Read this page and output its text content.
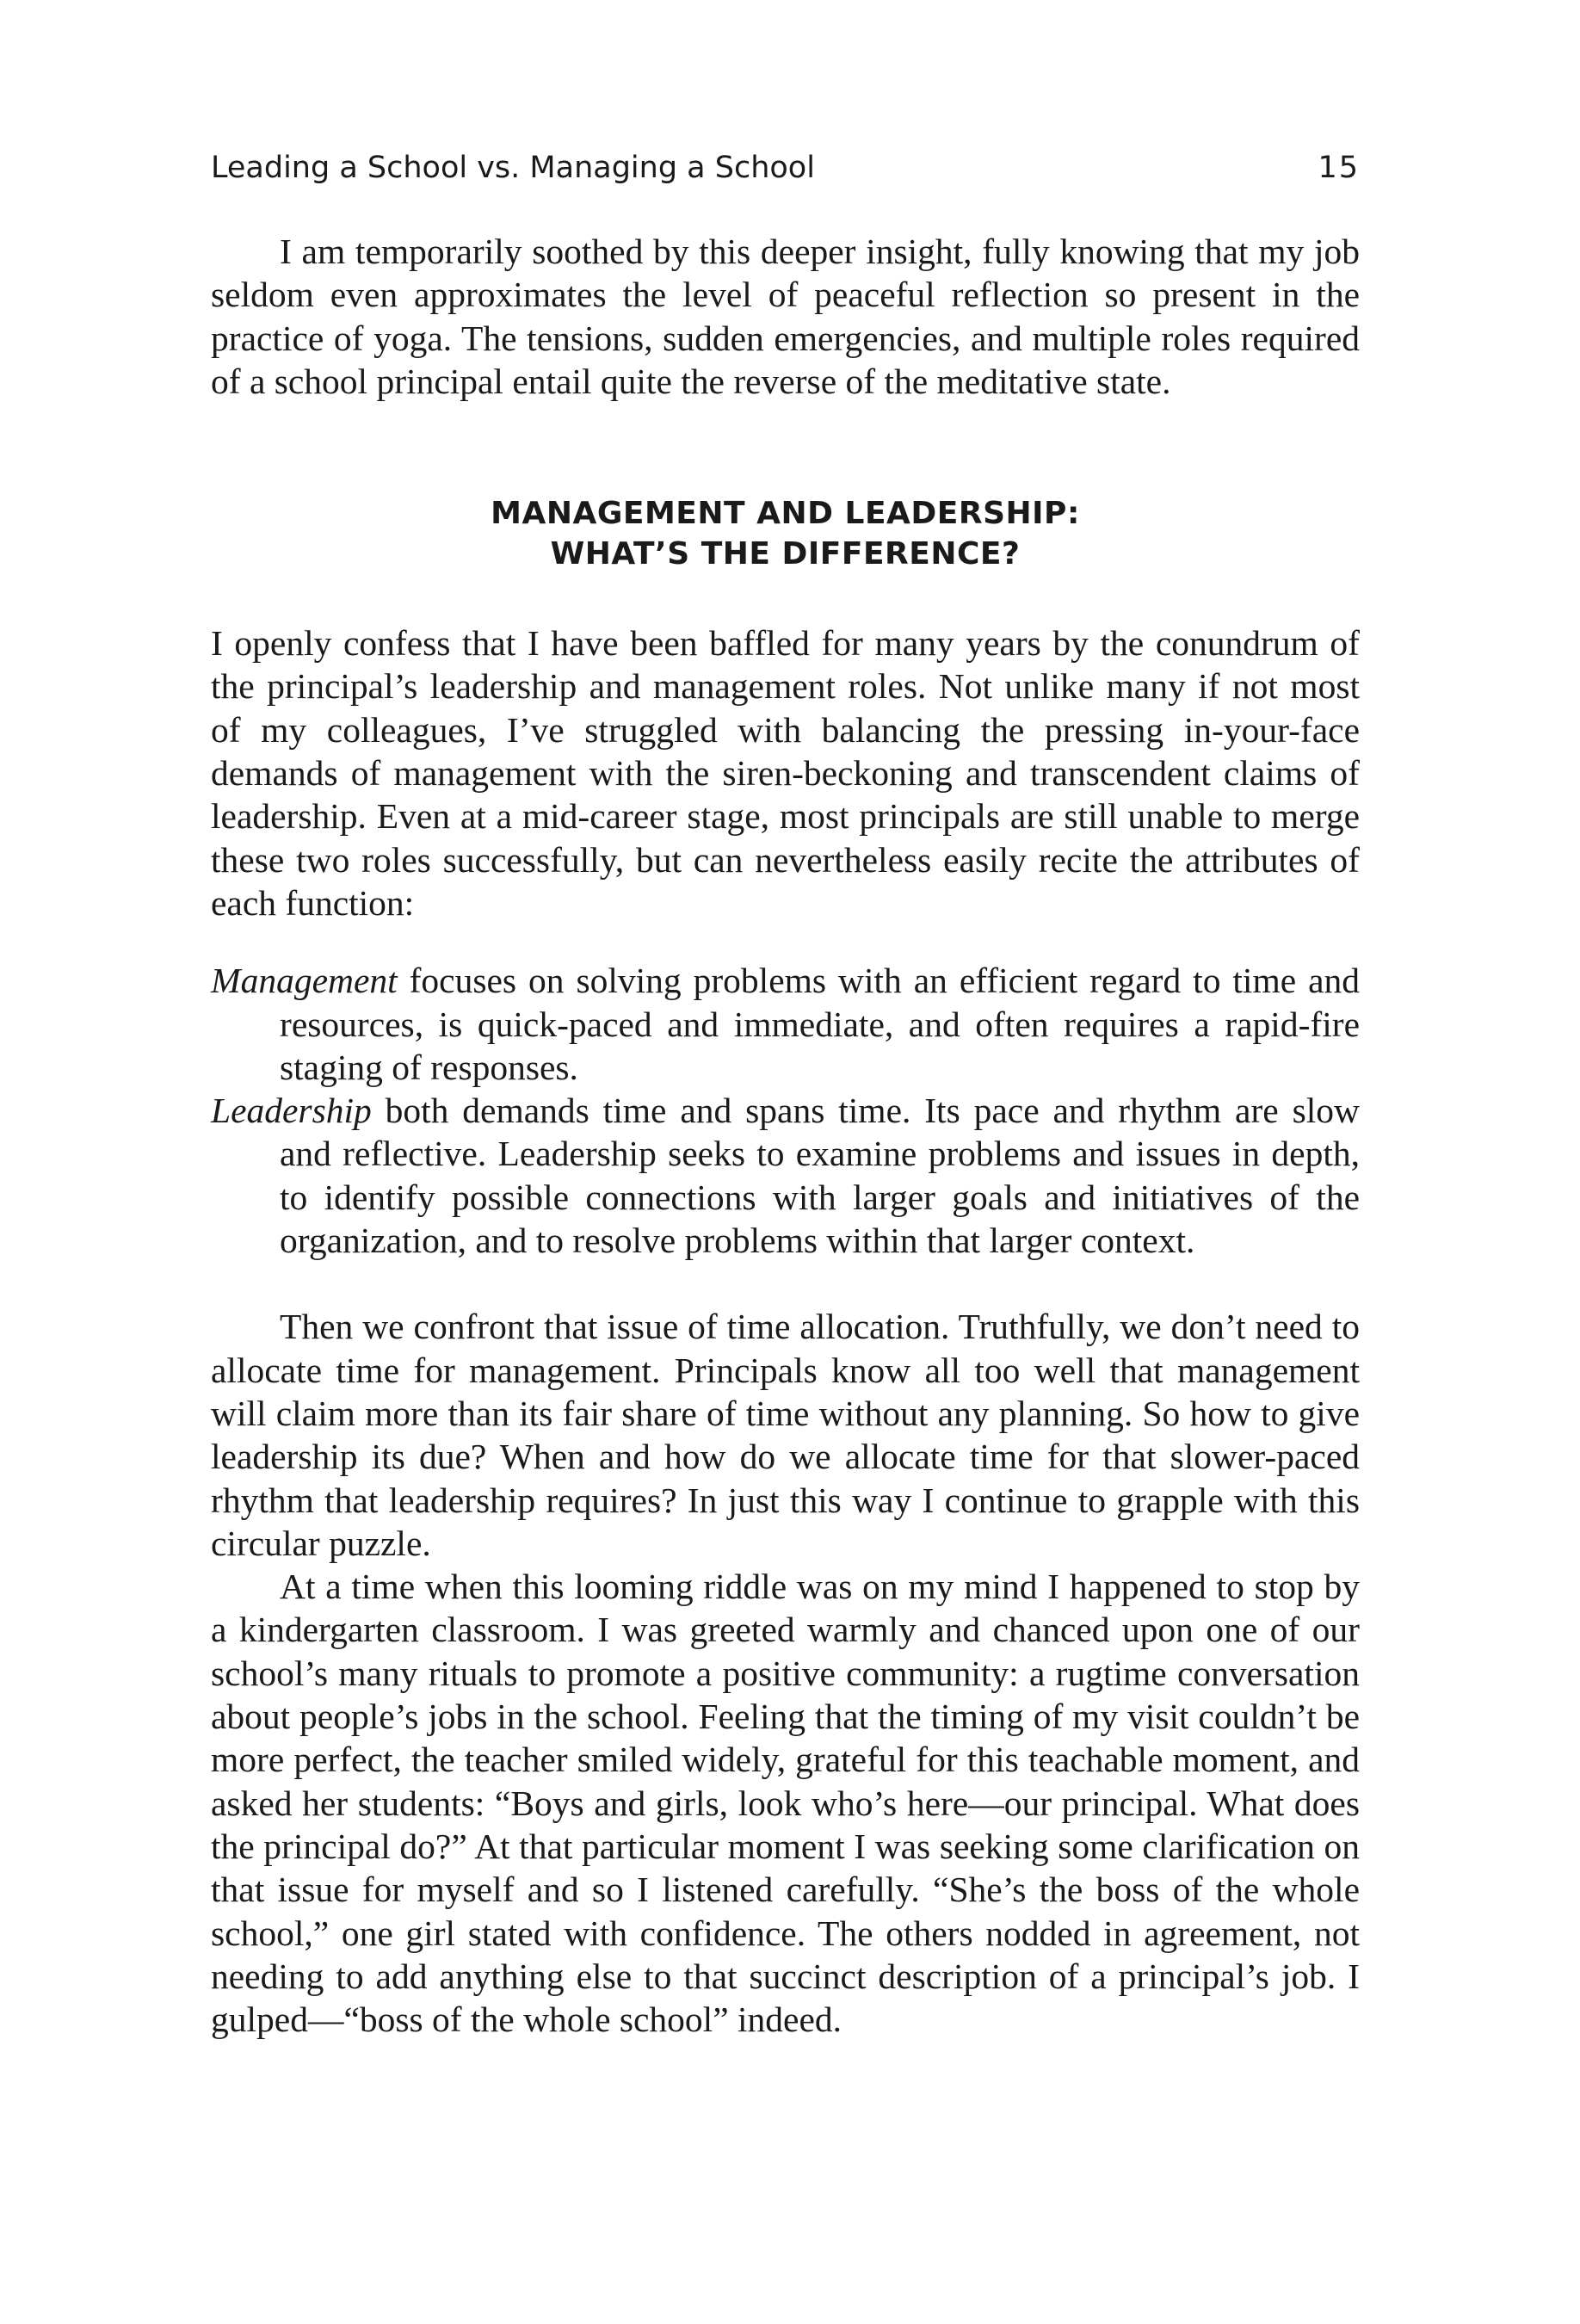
Leading a School vs. Managing a School	15

I am temporarily soothed by this deeper insight, fully knowing that my job seldom even approximates the level of peaceful reflection so present in the practice of yoga. The tensions, sudden emergencies, and multiple roles required of a school principal entail quite the reverse of the meditative state.

MANAGEMENT AND LEADERSHIP:
WHAT’S THE DIFFERENCE?

I openly confess that I have been baffled for many years by the conundrum of the principal’s leadership and management roles. Not unlike many if not most of my colleagues, I’ve struggled with balancing the pressing in-your-face demands of management with the siren-beckoning and transcendent claims of leadership. Even at a mid-career stage, most principals are still unable to merge these two roles successfully, but can nevertheless easily recite the attributes of each function:

Management focuses on solving problems with an efficient regard to time and resources, is quick-paced and immediate, and often requires a rapid-fire staging of responses.

Leadership both demands time and spans time. Its pace and rhythm are slow and reflective. Leadership seeks to examine problems and issues in depth, to identify possible connections with larger goals and initiatives of the organization, and to resolve problems within that larger context.

Then we confront that issue of time allocation. Truthfully, we don’t need to allocate time for management. Principals know all too well that management will claim more than its fair share of time without any planning. So how to give leadership its due? When and how do we allocate time for that slower-paced rhythm that leadership requires? In just this way I continue to grapple with this circular puzzle.

At a time when this looming riddle was on my mind I happened to stop by a kindergarten classroom. I was greeted warmly and chanced upon one of our school’s many rituals to promote a positive community: a rugtime conversation about people’s jobs in the school. Feeling that the timing of my visit couldn’t be more perfect, the teacher smiled widely, grateful for this teachable moment, and asked her students: “Boys and girls, look who’s here—our principal. What does the principal do?” At that particular moment I was seeking some clarification on that issue for myself and so I listened carefully. “She’s the boss of the whole school,” one girl stated with confidence. The others nodded in agreement, not needing to add anything else to that succinct description of a principal’s job. I gulped—“boss of the whole school” indeed.
